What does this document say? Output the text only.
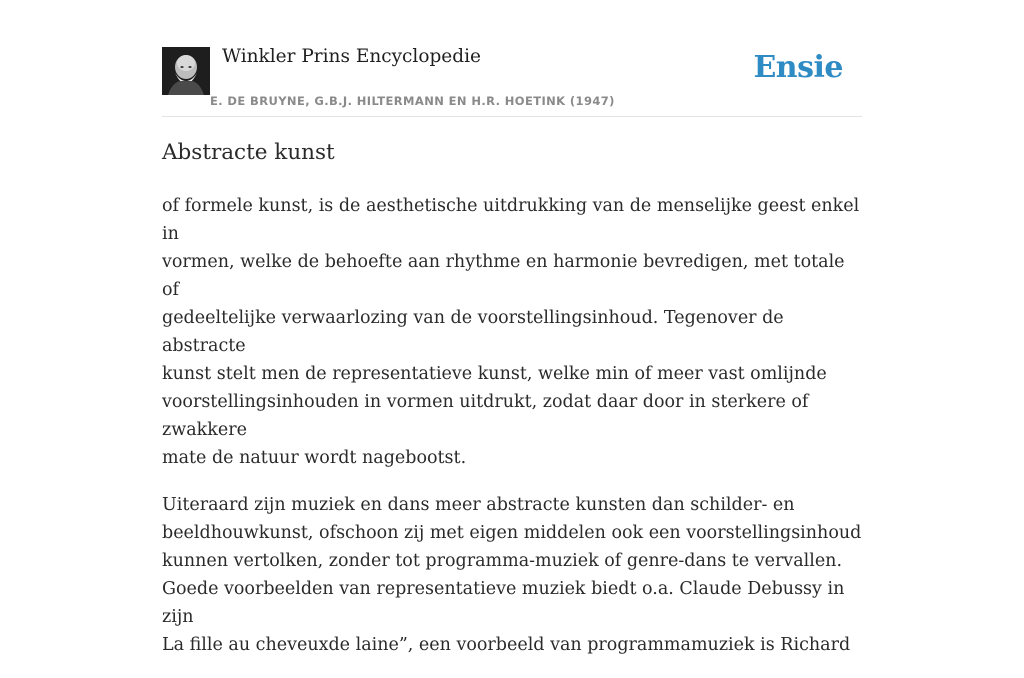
Winkler Prins Encyclopedie
E. DE BRUYNE, G.B.J. HILTERMANN EN H.R. HOETINK (1947)
Ensie
Abstracte kunst

of formele kunst, is de aesthetische uitdrukking van de menselijke geest enkel in
vormen, welke de behoefte aan rhythme en harmonie bevredigen, met totale of
gedeeltelijke verwaarlozing van de voorstellingsinhoud. Tegenover de abstracte
kunst stelt men de representatieve kunst, welke min of meer vast omlijnde
voorstellingsinhouden in vormen uitdrukt, zodat daar door in sterkere of zwakkere
mate de natuur wordt nagebootst.

Uiteraard zijn muziek en dans meer abstracte kunsten dan schilder- en
beeldhouwkunst, ofschoon zij met eigen middelen ook een voorstellingsinhoud
kunnen vertolken, zonder tot programma-muziek of genre-dans te vervallen.
Goede voorbeelden van representatieve muziek biedt o.a. Claude Debussy in zijn
La fille au cheveuxde laine”, een voorbeeld van programmamuziek is Richard
